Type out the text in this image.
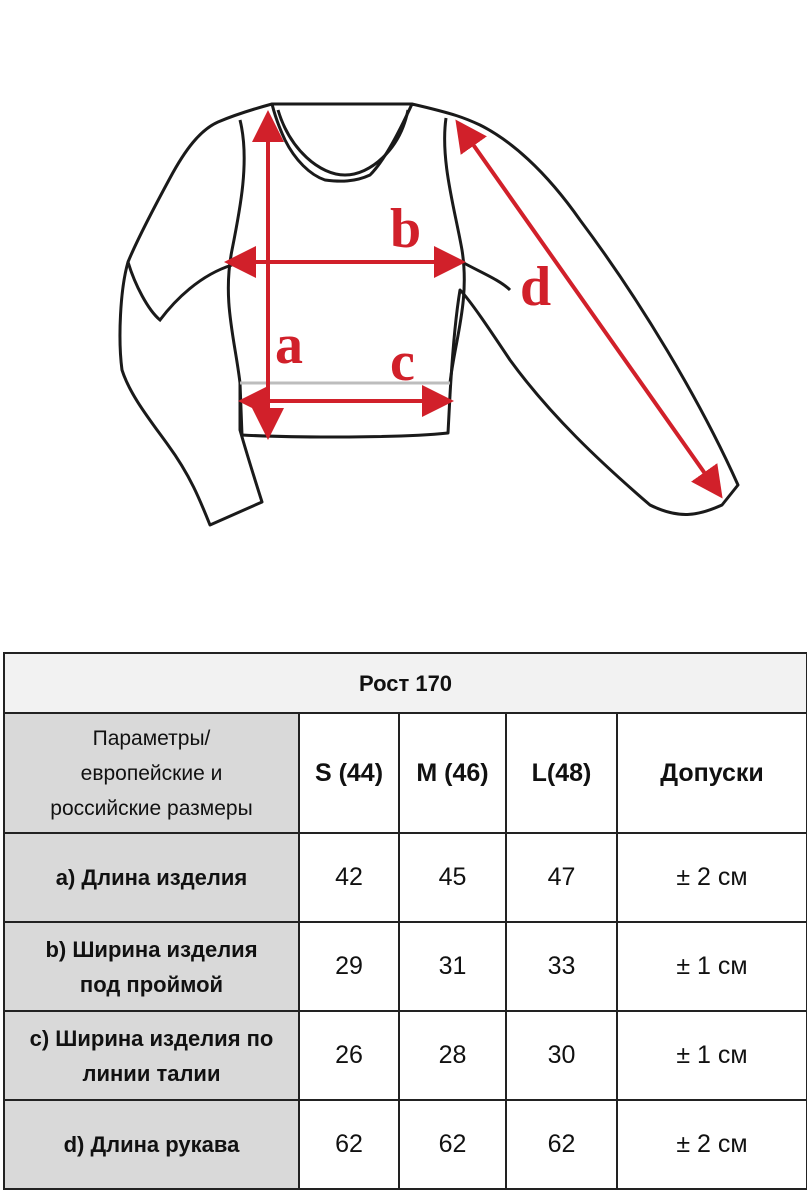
a
b
c
d
Рост 170				

Параметры/
европейские и
российские размеры	S (44)	M (46)	L(48)	Допуски

a) Длина изделия	42	45	47	± 2 см

b) Ширина изделия
под проймой	29	31	33	± 1 см

c) Ширина изделия по
линии талии	26	28	30	± 1 см

d) Длина рукава	62	62	62	± 2 см
